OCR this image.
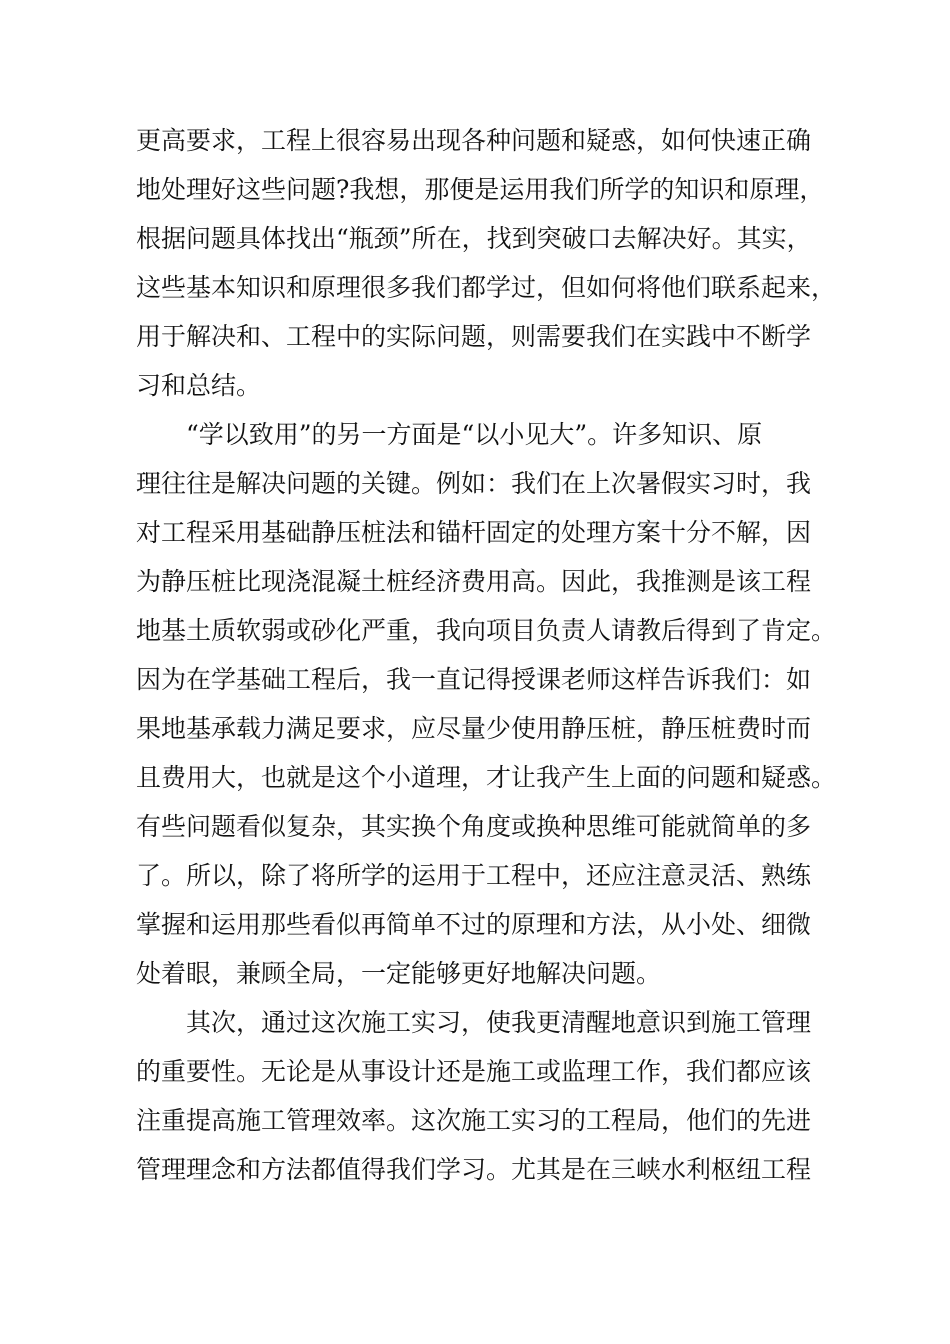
更高要求，工程上很容易出现各种问题和疑惑，如何快速正确
地处理好这些问题?我想，那便是运用我们所学的知识和原理，
根据问题具体找出“瓶颈”所在，找到突破口去解决好。其实，
这些基本知识和原理很多我们都学过，但如何将他们联系起来，
用于解决和、工程中的实际问题，则需要我们在实践中不断学
习和总结。
“学以致用”的另一方面是“以小见大”。许多知识、原
理往往是解决问题的关键。例如：我们在上次暑假实习时，我
对工程采用基础静压桩法和锚杆固定的处理方案十分不解，因
为静压桩比现浇混凝土桩经济费用高。因此，我推测是该工程
地基土质软弱或砂化严重，我向项目负责人请教后得到了肯定。
因为在学基础工程后，我一直记得授课老师这样告诉我们：如
果地基承载力满足要求，应尽量少使用静压桩，静压桩费时而
且费用大，也就是这个小道理，才让我产生上面的问题和疑惑。
有些问题看似复杂，其实换个角度或换种思维可能就简单的多
了。所以，除了将所学的运用于工程中，还应注意灵活、熟练
掌握和运用那些看似再简单不过的原理和方法，从小处、细微
处着眼，兼顾全局，一定能够更好地解决问题。
其次，通过这次施工实习，使我更清醒地意识到施工管理
的重要性。无论是从事设计还是施工或监理工作，我们都应该
注重提高施工管理效率。这次施工实习的工程局，他们的先进
管理理念和方法都值得我们学习。尤其是在三峡水利枢纽工程
